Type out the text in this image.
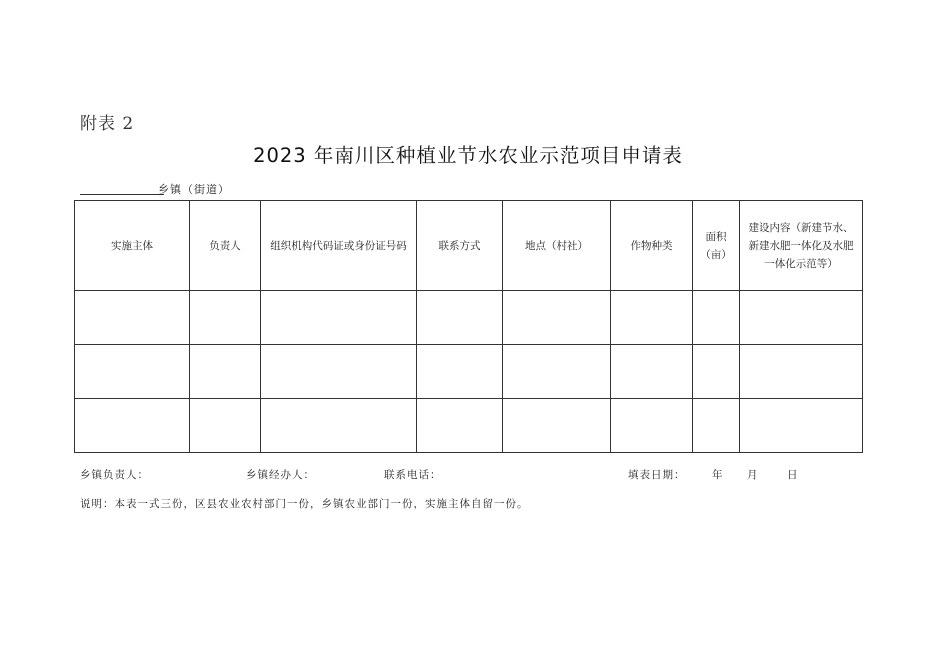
附表 2
2023 年南川区种植业节水农业示范项目申请表
乡镇（街道）
实施主体	负责人	组织机构代码证或身份证号码	联系方式	地点（村社）	作物种类	面积（亩）	建设内容（新建节水、新建水肥一体化及水肥一体化示范等）

乡镇负责人：	乡镇经办人：	联系电话：	填表日期：	年 月	日
说明：本表一式三份，区县农业农村部门一份，乡镇农业部门一份，实施主体自留一份。
